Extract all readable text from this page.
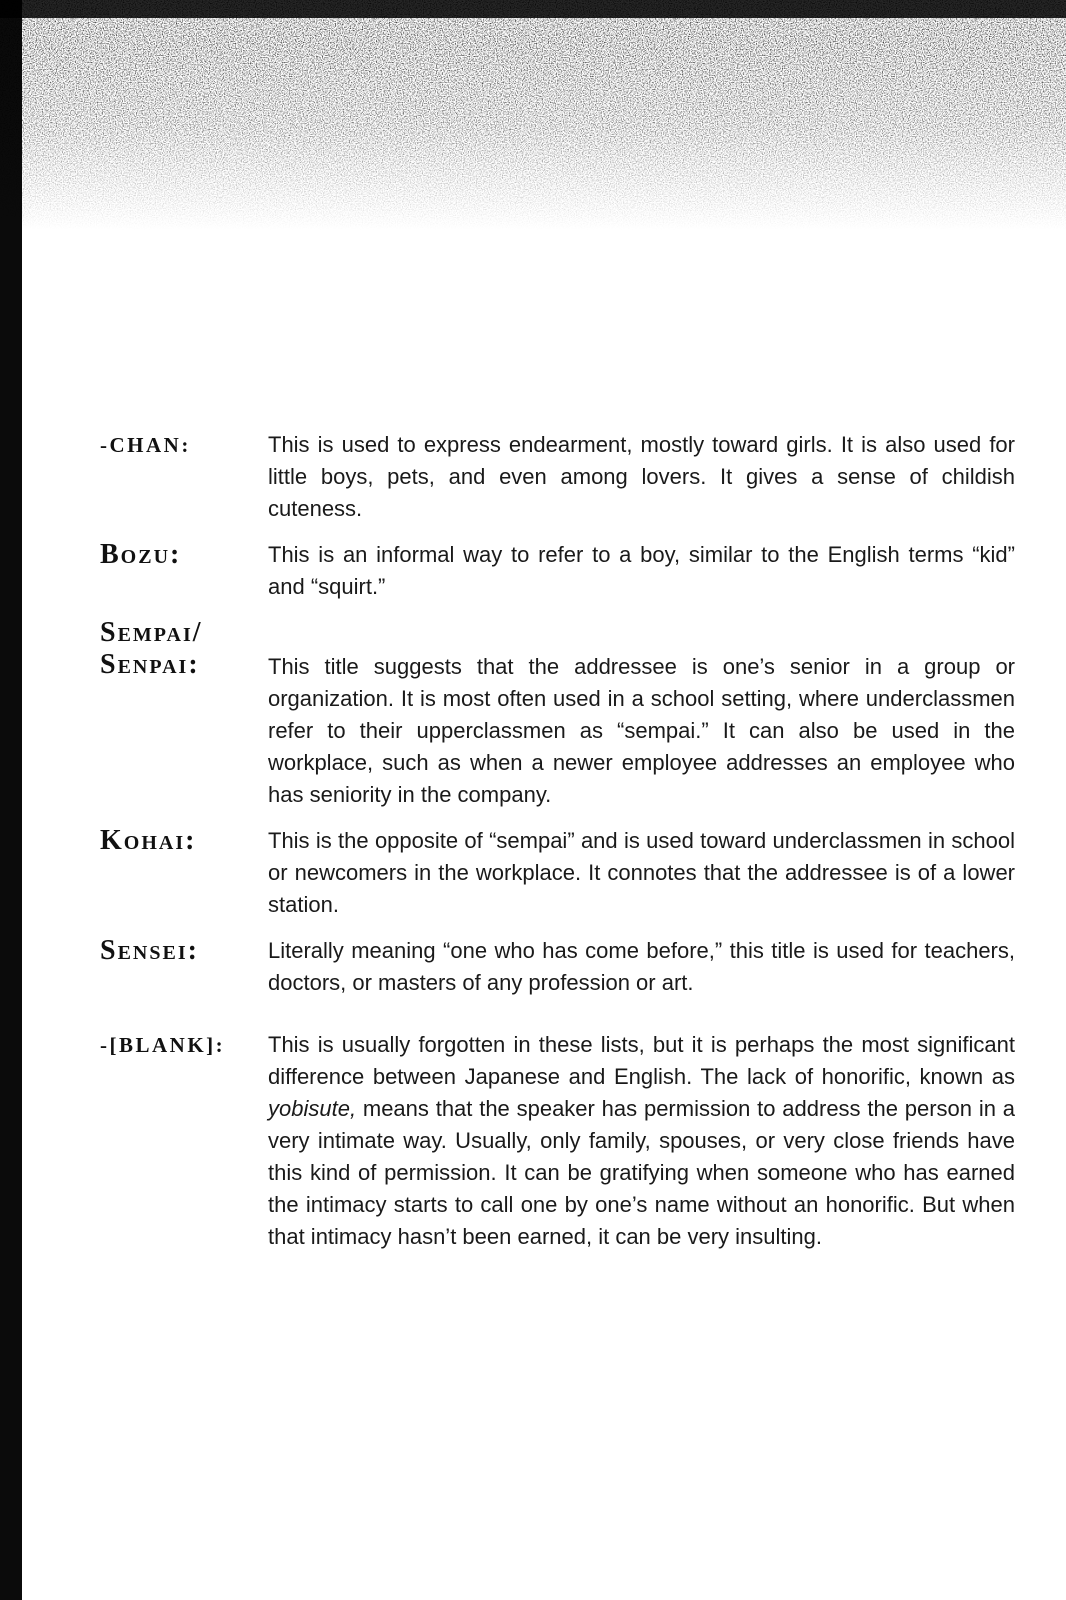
-CHAN:	This is used to express endearment, mostly toward girls. It is also used for little boys, pets, and even among lovers. It gives a sense of childish cuteness.

Bozu:	This is an informal way to refer to a boy, similar to the English terms “kid” and “squirt.”

Sempai/
Senpai:	This title suggests that the addressee is one’s senior in a group or organization. It is most often used in a school setting, where underclassmen refer to their upperclassmen as “sempai.” It can also be used in the workplace, such as when a newer employee addresses an employee who has seniority in the company.

Kohai:	This is the opposite of “sempai” and is used toward underclassmen in school or newcomers in the workplace. It connotes that the addressee is of a lower station.

Sensei:	Literally meaning “one who has come before,” this title is used for teachers, doctors, or masters of any profession or art.

-[BLANK]:	This is usually forgotten in these lists, but it is perhaps the most significant difference between Japanese and English. The lack of honorific, known as yobisute, means that the speaker has permission to address the person in a very intimate way. Usually, only family, spouses, or very close friends have this kind of permission. It can be gratifying when someone who has earned the intimacy starts to call one by one’s name without an honorific. But when that intimacy hasn’t been earned, it can be very insulting.
